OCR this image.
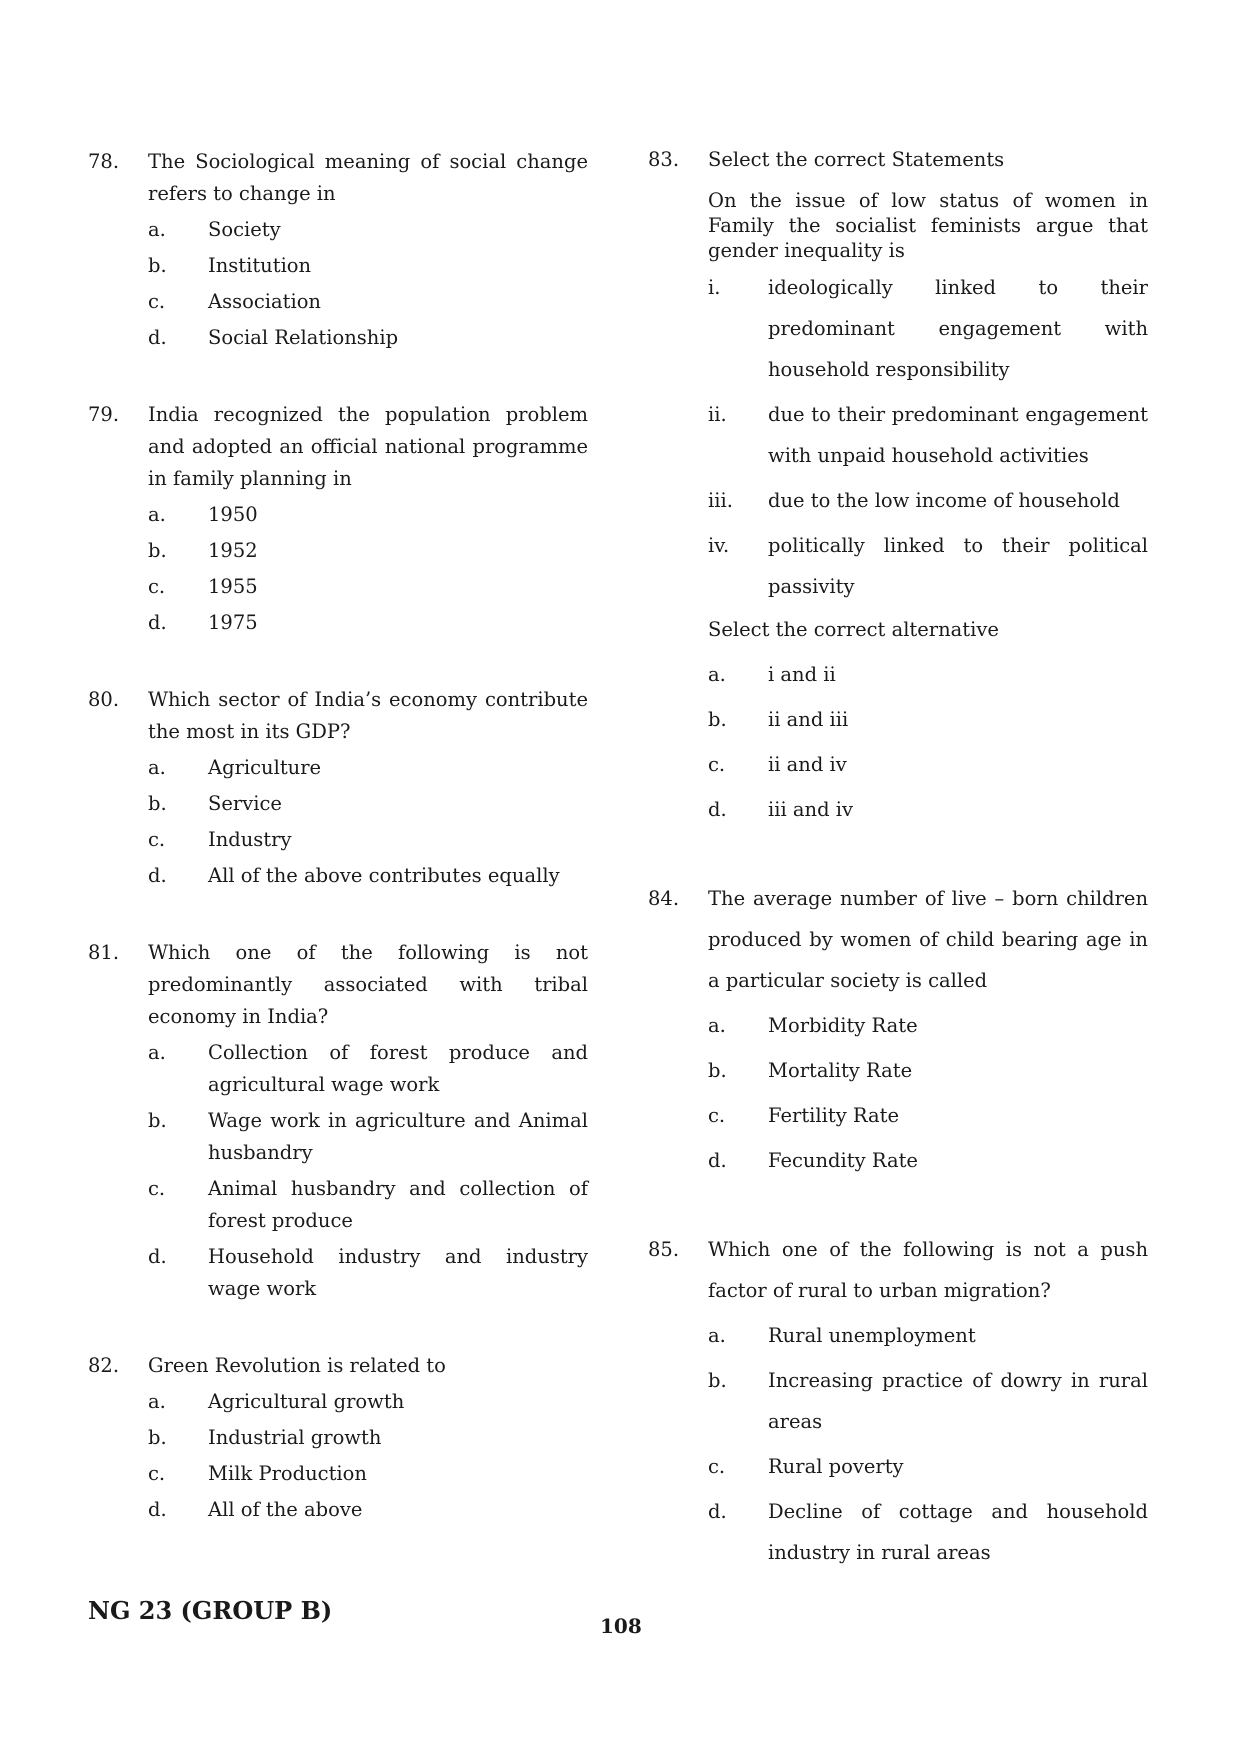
78.	The Sociological meaning of social change refers to change in
a.	Society
b.	Institution
c.	Association
d.	Social Relationship
79.	India recognized the population problem and adopted an official national programme in family planning in
a.	1950
b.	1952
c.	1955
d.	1975
80.	Which sector of India’s economy contribute the most in its GDP?
a.	Agriculture
b.	Service
c.	Industry
d.	All of the above contributes equally
81.	Which one of the following is not predominantly associated with tribal economy in India?
a.	Collection of forest produce and agricultural wage work
b.	Wage work in agriculture and Animal husbandry
c.	Animal husbandry and collection of forest produce
d.	Household industry and industry wage work
82.	Green Revolution is related to
a.	Agricultural growth
b.	Industrial growth
c.	Milk Production
d.	All of the above
83.	Select the correct Statements
On the issue of low status of women in Family the socialist feminists argue that gender inequality is
i.	ideologically linked to their predominant engagement with household responsibility
ii.	due to their predominant engagement with unpaid household activities
iii.	due to the low income of household
iv.	politically linked to their political passivity
Select the correct alternative
a.	i and ii
b.	ii and iii
c.	ii and iv
d.	iii and iv
84.	The average number of live – born children produced by women of child bearing age in a particular society is called
a.	Morbidity Rate
b.	Mortality Rate
c.	Fertility Rate
d.	Fecundity Rate
85.	Which one of the following is not a push factor of rural to urban migration?
a.	Rural unemployment
b.	Increasing practice of dowry in rural areas
c.	Rural poverty
d.	Decline of cottage and household industry in rural areas
NG 23 (GROUP B)
108
